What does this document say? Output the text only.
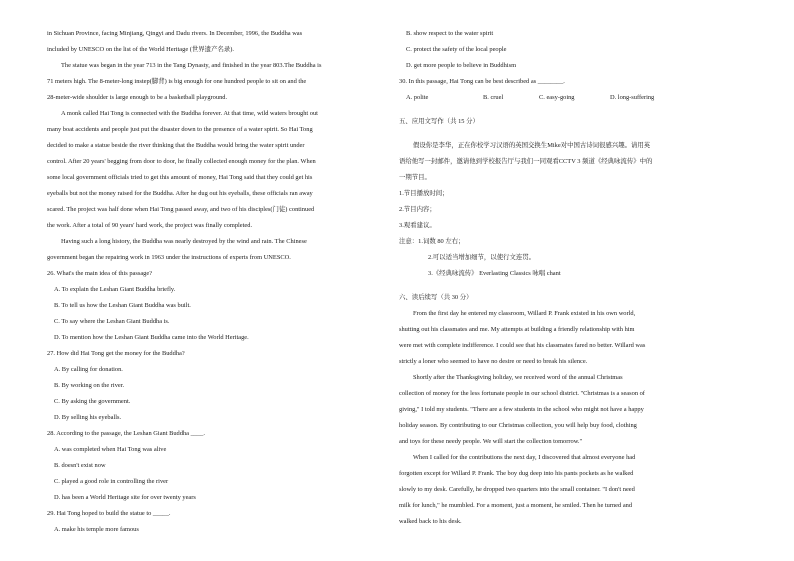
in Sichuan Province, facing Minjiang, Qingyi and Dadu rivers. In December, 1996, the Buddha was
included by UNESCO on the list of the World Heritage (世界遗产名录).
The statue was began in the year 713 in the Tang Dynasty, and finished in the year 803.The Buddha is
71 meters high. The 8-meter-long instep(脚背) is big enough for one hundred people to sit on and the
28-meter-wide shoulder is large enough to be a basketball playground.
A monk called Hai Tong is connected with the Buddha forever. At that time, wild waters brought out
many boat accidents and people just put the disaster down to the presence of a water spirit. So Hai Tong
decided to make a statue beside the river thinking that the Buddha would bring the water spirit under
control. After 20 years' begging from door to door, he finally collected enough money for the plan. When
some local government officials tried to get this amount of money, Hai Tong said that they could get his
eyeballs but not the money raised for the Buddha. After he dug out his eyeballs, these officials ran away
scared. The project was half done when Hai Tong passed away, and two of his disciples(门徒) continued
the work. After a total of 90 years' hard work, the project was finally completed.
Having such a long history, the Buddha was nearly destroyed by the wind and rain. The Chinese
government began the repairing work in 1963 under the instructions of experts from UNESCO.
26. What's the main idea of this passage?
A. To explain the Leshan Giant Buddha briefly.
B. To tell us how the Leshan Giant Buddha was built.
C. To say where the Leshan Giant Buddha is.
D. To mention how the Leshan Giant Buddha came into the World Heritage.
27. How did Hai Tong get the money for the Buddha?
A. By calling for donation.
B. By working on the river.
C. By asking the government.
D. By selling his eyeballs.
28. According to the passage, the Leshan Giant Buddha ____.
A. was completed when Hai Tong was alive
B. doesn't exist now
C. played a good role in controlling the river
D. has been a World Heritage site for over twenty years
29. Hai Tong hoped to build the statue to _____.
A. make his temple more famous
B. show respect to the water spirit
C. protect the safety of the local people
D. get more people to believe in Buddhism
30. In this passage, Hai Tong can be best described as ________.
A. polite	B. cruel	C. easy-going	D. long-suffering
五、应用文写作（共 15 分）
假设你是李华，正在你校学习汉语的英国交换生Mike对中国古诗词很感兴趣。请用英
语给他写一封邮件，邀请他到学校报告厅与我们一同观看CCTV 3 频道《经典咏流传》中的
一期节目。
1.节目播放时间；
2.节目内容；
3.观看建议。
注意：1.词数 80 左右；
2.可以适当增加细节，以使行文连贯。
3.《经典咏流传》 Everlasting Classics 咏唱 chant
六、读后续写（共 30 分）
From the first day he entered my classroom, Willard P. Frank existed in his own world,
shutting out his classmates and me. My attempts at building a friendly relationship with him
were met with complete indifference. I could see that his classmates fared no better. Willard was
strictly a loner who seemed to have no desire or need to break his silence.
Shortly after the Thanksgiving holiday, we received word of the annual Christmas
collection of money for the less fortunate people in our school district. "Christmas is a season of
giving," I told my students. "There are a few students in the school who might not have a happy
holiday season. By contributing to our Christmas collection, you will help buy food, clothing
and toys for these needy people. We will start the collection tomorrow."
When I called for the contributions the next day, I discovered that almost everyone had
forgotten except for Willard P. Frank. The boy dug deep into his pants pockets as he walked
slowly to my desk. Carefully, he dropped two quarters into the small container. "I don't need
milk for lunch," he mumbled. For a moment, just a moment, he smiled. Then he turned and
walked back to his desk.
